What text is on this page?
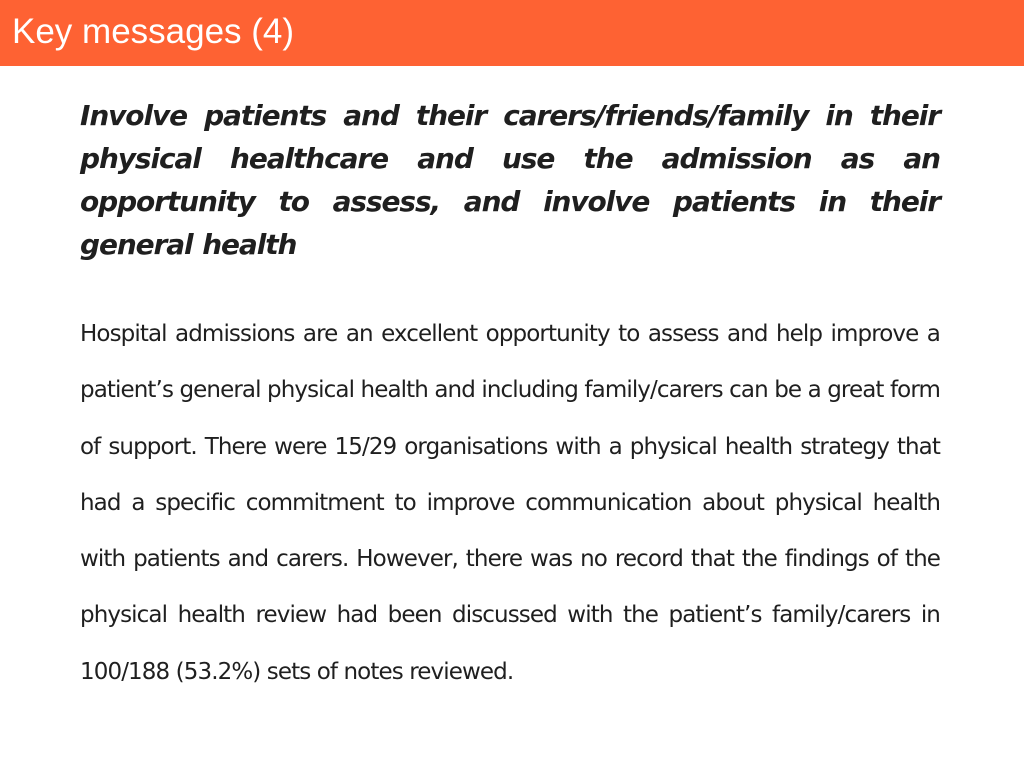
Key messages (4)

Involve patients and their carers/friends/family in their physical healthcare and use the admission as an opportunity to assess, and involve patients in their general health

Hospital admissions are an excellent opportunity to assess and help improve a patient’s general physical health and including family/carers can be a great form of support. There were 15/29 organisations with a physical health strategy that had a specific commitment to improve communication about physical health with patients and carers. However, there was no record that the findings of the physical health review had been discussed with the patient’s family/carers in 100/188 (53.2%) sets of notes reviewed.
